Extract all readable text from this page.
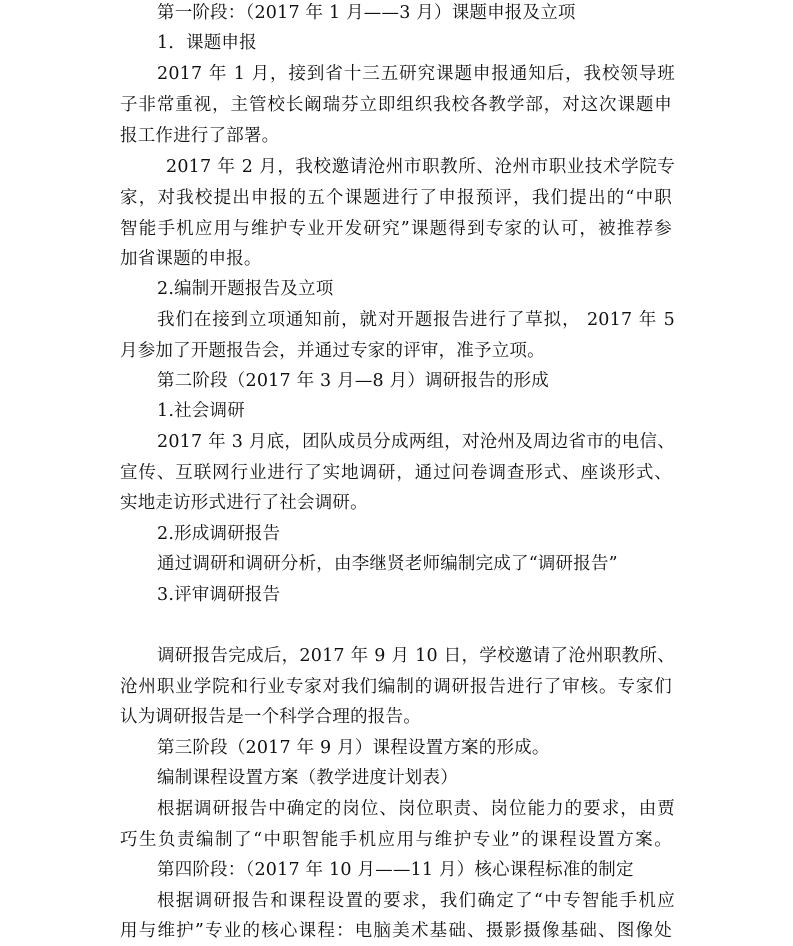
第一阶段：（2017 年 1 月——3 月）课题申报及立项
1．课题申报
2017 年 1 月，接到省十三五研究课题申报通知后，我校领导班
子非常重视，主管校长阚瑞芬立即组织我校各教学部，对这次课题申
报工作进行了部署。
2017 年 2 月，我校邀请沧州市职教所、沧州市职业技术学院专
家，对我校提出申报的五个课题进行了申报预评，我们提出的“中职
智能手机应用与维护专业开发研究”课题得到专家的认可，被推荐参
加省课题的申报。
2.编制开题报告及立项
我们在接到立项通知前，就对开题报告进行了草拟， 2017 年 5
月参加了开题报告会，并通过专家的评审，准予立项。
第二阶段（2017 年 3 月—8 月）调研报告的形成
1.社会调研
2017 年 3 月底，团队成员分成两组，对沧州及周边省市的电信、
宣传、互联网行业进行了实地调研，通过问卷调查形式、座谈形式、
实地走访形式进行了社会调研。
2.形成调研报告
通过调研和调研分析，由李继贤老师编制完成了“调研报告”
3.评审调研报告
调研报告完成后，2017 年 9 月 10 日，学校邀请了沧州职教所、
沧州职业学院和行业专家对我们编制的调研报告进行了审核。专家们
认为调研报告是一个科学合理的报告。
第三阶段（2017 年 9 月）课程设置方案的形成。
编制课程设置方案（教学进度计划表）
根据调研报告中确定的岗位、岗位职责、岗位能力的要求，由贾
巧生负责编制了“中职智能手机应用与维护专业”的课程设置方案。
第四阶段：（2017 年 10 月——11 月）核心课程标准的制定
根据调研报告和课程设置的要求，我们确定了“中专智能手机应
用与维护”专业的核心课程：电脑美术基础、摄影摄像基础、图像处
